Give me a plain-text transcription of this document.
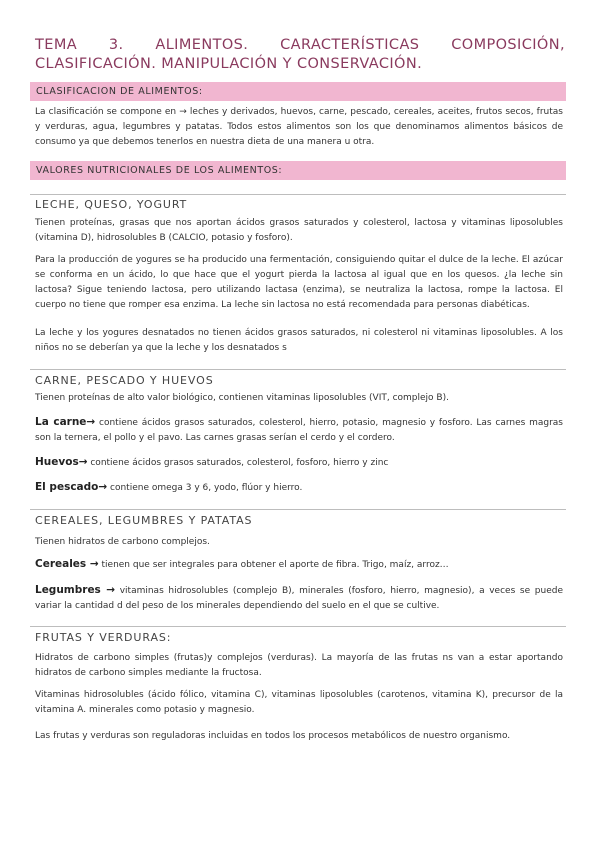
TEMA 3. ALIMENTOS. CARACTERÍSTICAS COMPOSICIÓN, CLASIFICACIÓN. MANIPULACIÓN Y CONSERVACIÓN.
CLASIFICACION DE ALIMENTOS:

La clasificación se compone en → leches y derivados, huevos, carne, pescado, cereales, aceites, frutos secos, frutas y verduras, agua, legumbres y patatas. Todos estos alimentos son los que denominamos alimentos básicos de consumo ya que debemos tenerlos en nuestra dieta de una manera u otra.

VALORES NUTRICIONALES DE LOS ALIMENTOS:
LECHE, QUESO, YOGURT

Tienen proteínas, grasas que nos aportan ácidos grasos saturados y colesterol, lactosa y vitaminas liposolubles (vitamina D), hidrosolubles B (CALCIO, potasio y fosforo).

Para la producción de yogures se ha producido una fermentación, consiguiendo quitar el dulce de la leche. El azúcar se conforma en un ácido, lo que hace que el yogurt pierda la lactosa al igual que en los quesos. ¿la leche sin lactosa? Sigue teniendo lactosa, pero utilizando lactasa (enzima), se neutraliza la lactosa, rompe la lactosa. El cuerpo no tiene que romper esa enzima. La leche sin lactosa no está recomendada para personas diabéticas.

La leche y los yogures desnatados no tienen ácidos grasos saturados, ni colesterol ni vitaminas liposolubles. A los niños no se deberían ya que la leche y los desnatados s

CARNE, PESCADO Y HUEVOS

Tienen proteínas de alto valor biológico, contienen vitaminas liposolubles (VIT, complejo B).

La carne→ contiene ácidos grasos saturados, colesterol, hierro, potasio, magnesio y fosforo. Las carnes magras son la ternera, el pollo y el pavo. Las carnes grasas serían el cerdo y el cordero.

Huevos→ contiene ácidos grasos saturados, colesterol, fosforo, hierro y zinc

El pescado→ contiene omega 3 y 6, yodo, flúor y hierro.

CEREALES, LEGUMBRES Y PATATAS

Tienen hidratos de carbono complejos.

Cereales → tienen que ser integrales para obtener el aporte de fibra. Trigo, maíz, arroz…

Legumbres → vitaminas hidrosolubles (complejo B), minerales (fosforo, hierro, magnesio), a veces se puede variar la cantidad d del peso de los minerales dependiendo del suelo en el que se cultive.

FRUTAS Y VERDURAS:

Hidratos de carbono simples (frutas)y complejos (verduras). La mayoría de las frutas ns van a estar aportando hidratos de carbono simples mediante la fructosa.

Vitaminas hidrosolubles (ácido fólico, vitamina C), vitaminas liposolubles (carotenos, vitamina K), precursor de la vitamina A. minerales como potasio y magnesio.

Las frutas y verduras son reguladoras incluidas en todos los procesos metabólicos de nuestro organismo.
